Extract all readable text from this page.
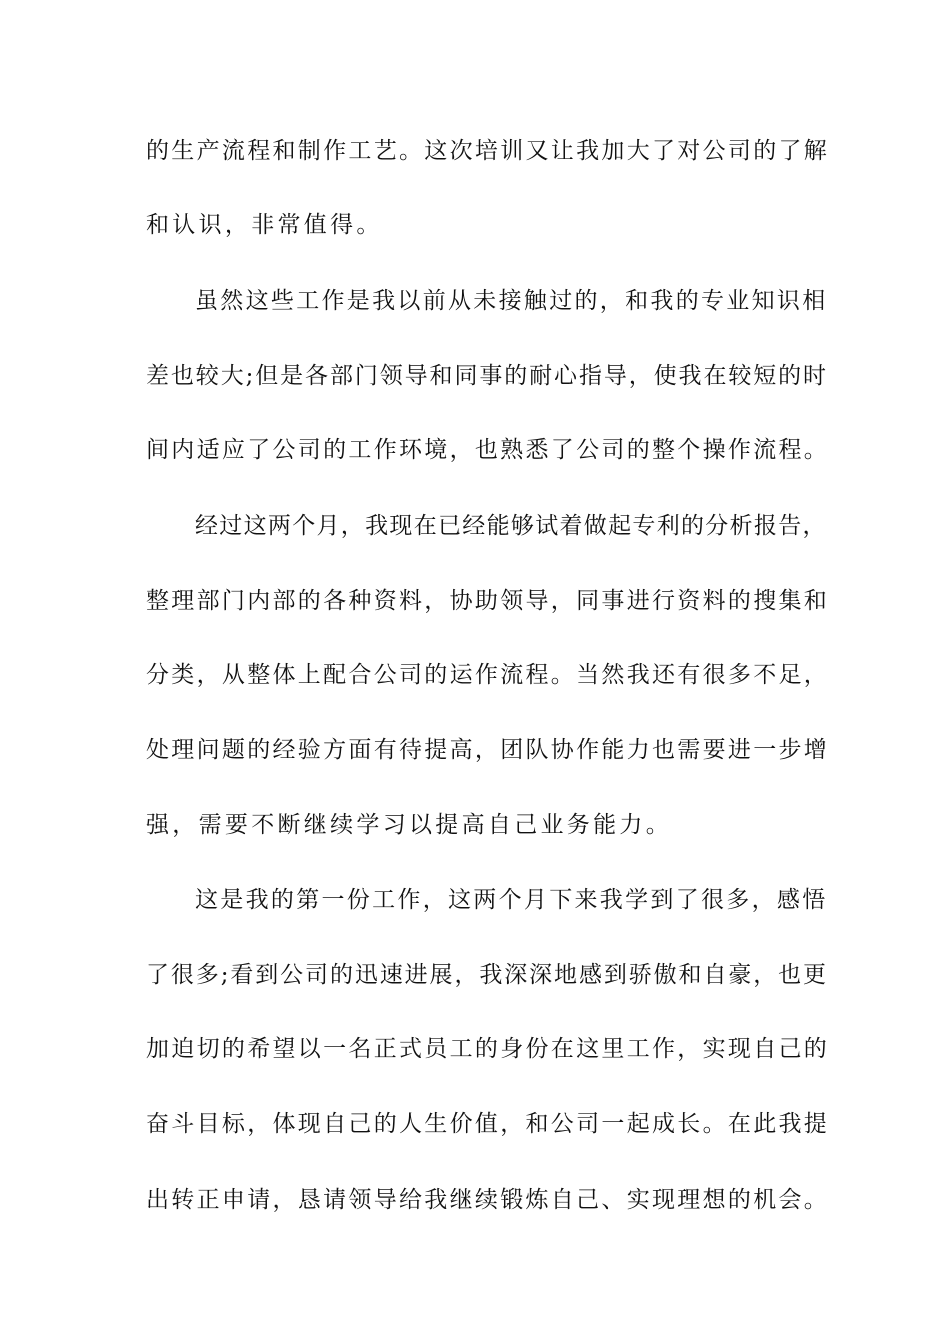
的生产流程和制作工艺。这次培训又让我加大了对公司的了解
和认识，非常值得。
虽然这些工作是我以前从未接触过的，和我的专业知识相
差也较大;但是各部门领导和同事的耐心指导，使我在较短的时
间内适应了公司的工作环境，也熟悉了公司的整个操作流程。
经过这两个月，我现在已经能够试着做起专利的分析报告，
整理部门内部的各种资料，协助领导，同事进行资料的搜集和
分类，从整体上配合公司的运作流程。当然我还有很多不足，
处理问题的经验方面有待提高，团队协作能力也需要进一步增
强，需要不断继续学习以提高自己业务能力。
这是我的第一份工作，这两个月下来我学到了很多，感悟
了很多;看到公司的迅速进展，我深深地感到骄傲和自豪，也更
加迫切的希望以一名正式员工的身份在这里工作，实现自己的
奋斗目标，体现自己的人生价值，和公司一起成长。在此我提
出转正申请，恳请领导给我继续锻炼自己、实现理想的机会。
